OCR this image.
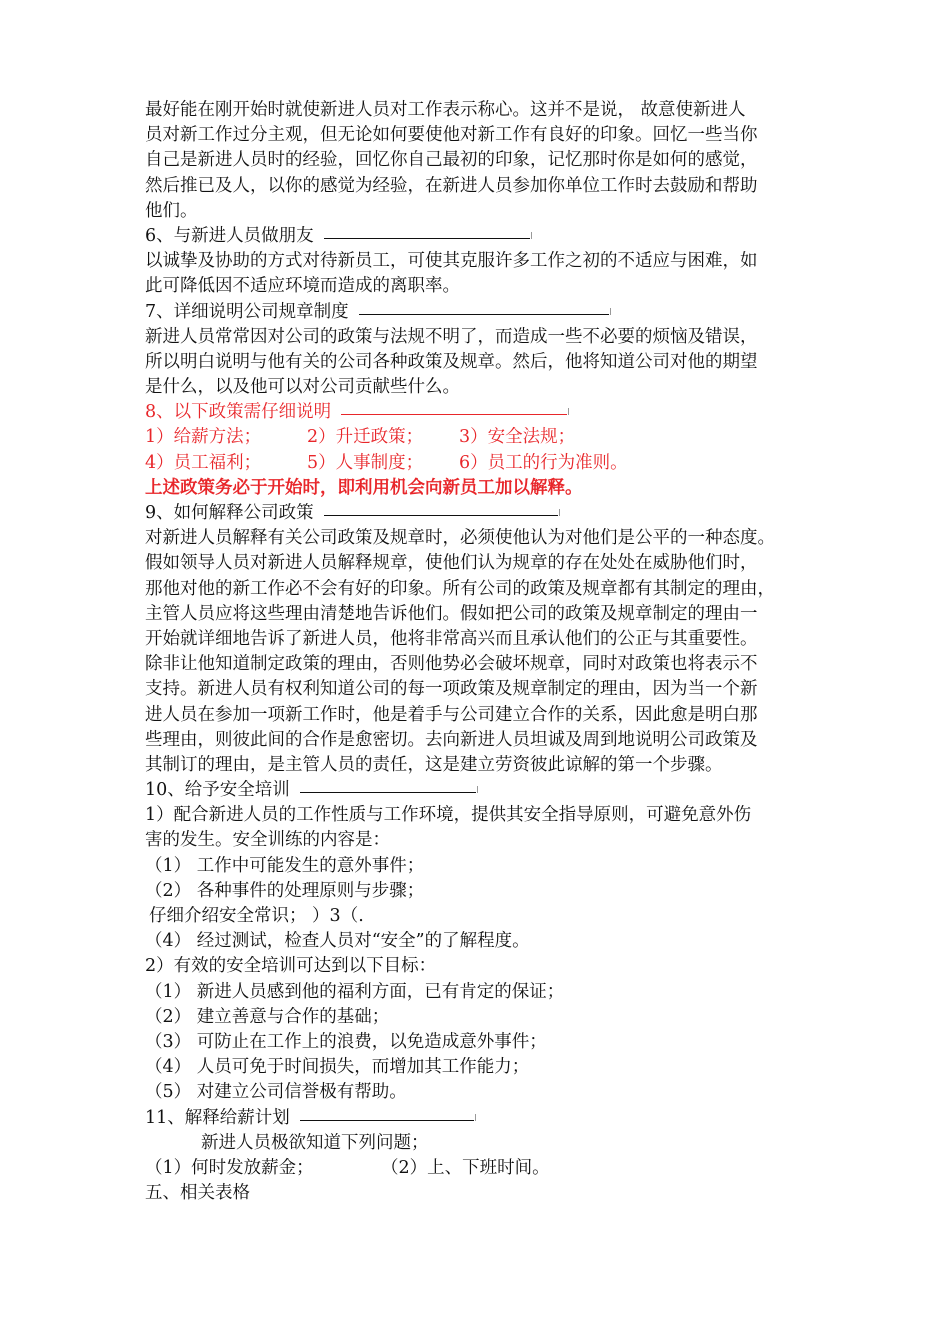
最好能在刚开始时就使新进人员对工作表示称心。这并不是说， 故意使新进人
员对新工作过分主观，但无论如何要使他对新工作有良好的印象。回忆一些当你
自己是新进人员时的经验，回忆你自己最初的印象，记忆那时你是如何的感觉，
然后推已及人，以你的感觉为经验，在新进人员参加你单位工作时去鼓励和帮助
他们。
6、与新进人员做朋友
以诚挚及协助的方式对待新员工，可使其克服许多工作之初的不适应与困难，如
此可降低因不适应环境而造成的离职率。
7、详细说明公司规章制度
新进人员常常因对公司的政策与法规不明了，而造成一些不必要的烦恼及错误，
所以明白说明与他有关的公司各种政策及规章。然后，他将知道公司对他的期望
是什么，以及他可以对公司贡献些什么。
8、以下政策需仔细说明
1）给薪方法；	2）升迁政策； 3）安全法规；
4）员工福利；	5）人事制度； 6）员工的行为准则。
上述政策务必于开始时，即利用机会向新员工加以解释。
9、如何解释公司政策
对新进人员解释有关公司政策及规章时，必须使他认为对他们是公平的一种态度。
假如领导人员对新进人员解释规章，使他们认为规章的存在处处在威胁他们时，
那他对他的新工作必不会有好的印象。所有公司的政策及规章都有其制定的理由，
主管人员应将这些理由清楚地告诉他们。假如把公司的政策及规章制定的理由一
开始就详细地告诉了新进人员，他将非常高兴而且承认他们的公正与其重要性。
除非让他知道制定政策的理由，否则他势必会破坏规章，同时对政策也将表示不
支持。新进人员有权利知道公司的每一项政策及规章制定的理由，因为当一个新
进人员在参加一项新工作时，他是着手与公司建立合作的关系，因此愈是明白那
些理由，则彼此间的合作是愈密切。去向新进人员坦诚及周到地说明公司政策及
其制订的理由，是主管人员的责任，这是建立劳资彼此谅解的第一个步骤。
10、给予安全培训
1）配合新进人员的工作性质与工作环境，提供其安全指导原则，可避免意外伤
害的发生。安全训练的内容是：
（1） 工作中可能发生的意外事件；
（2） 各种事件的处理原则与步骤；
仔细介绍安全常识； ）3（.
（4） 经过测试，检查人员对“安全”的了解程度。
2）有效的安全培训可达到以下目标：
（1） 新进人员感到他的福利方面，已有肯定的保证；
（2） 建立善意与合作的基础；
（3） 可防止在工作上的浪费，以免造成意外事件；
（4） 人员可免于时间损失，而增加其工作能力；
（5） 对建立公司信誉极有帮助。
11、解释给薪计划
新进人员极欲知道下列问题；
（1）何时发放薪金；	（2）上、下班时间。
五、相关表格
